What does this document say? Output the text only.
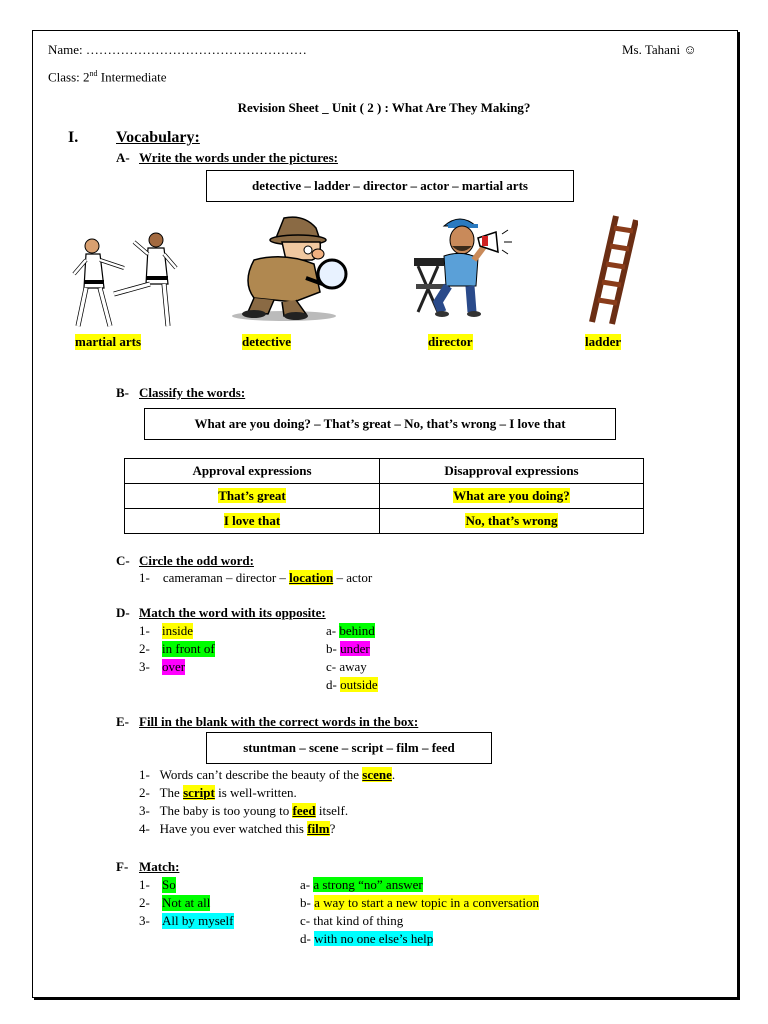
Name: ……………………………………………	Ms. Tahani ☺
Class: 2nd Intermediate
Revision Sheet _ Unit ( 2 ) : What Are They Making?
I. Vocabulary:
A- Write the words under the pictures:
detective – ladder – director – actor – martial arts
martial arts	detective	director	ladder
B- Classify the words:
What are you doing? – That’s great – No, that’s wrong – I love that
Approval expressions	Disapproval expressions
That’s great	What are you doing?
I love that	No, that’s wrong
C- Circle the odd word:
1- cameraman – director – location – actor
D- Match the word with its opposite:
1- inside
2- in front of
3- over
a- behind
b- under
c- away
d- outside
E- Fill in the blank with the correct words in the box:
stuntman – scene – script – film – feed
1- Words can’t describe the beauty of the scene.
2- The script is well-written.
3- The baby is too young to feed itself.
4- Have you ever watched this film?
F- Match:
1- So
2- Not at all
3- All by myself
a- a strong “no” answer
b- a way to start a new topic in a conversation
c- that kind of thing
d- with no one else’s help
